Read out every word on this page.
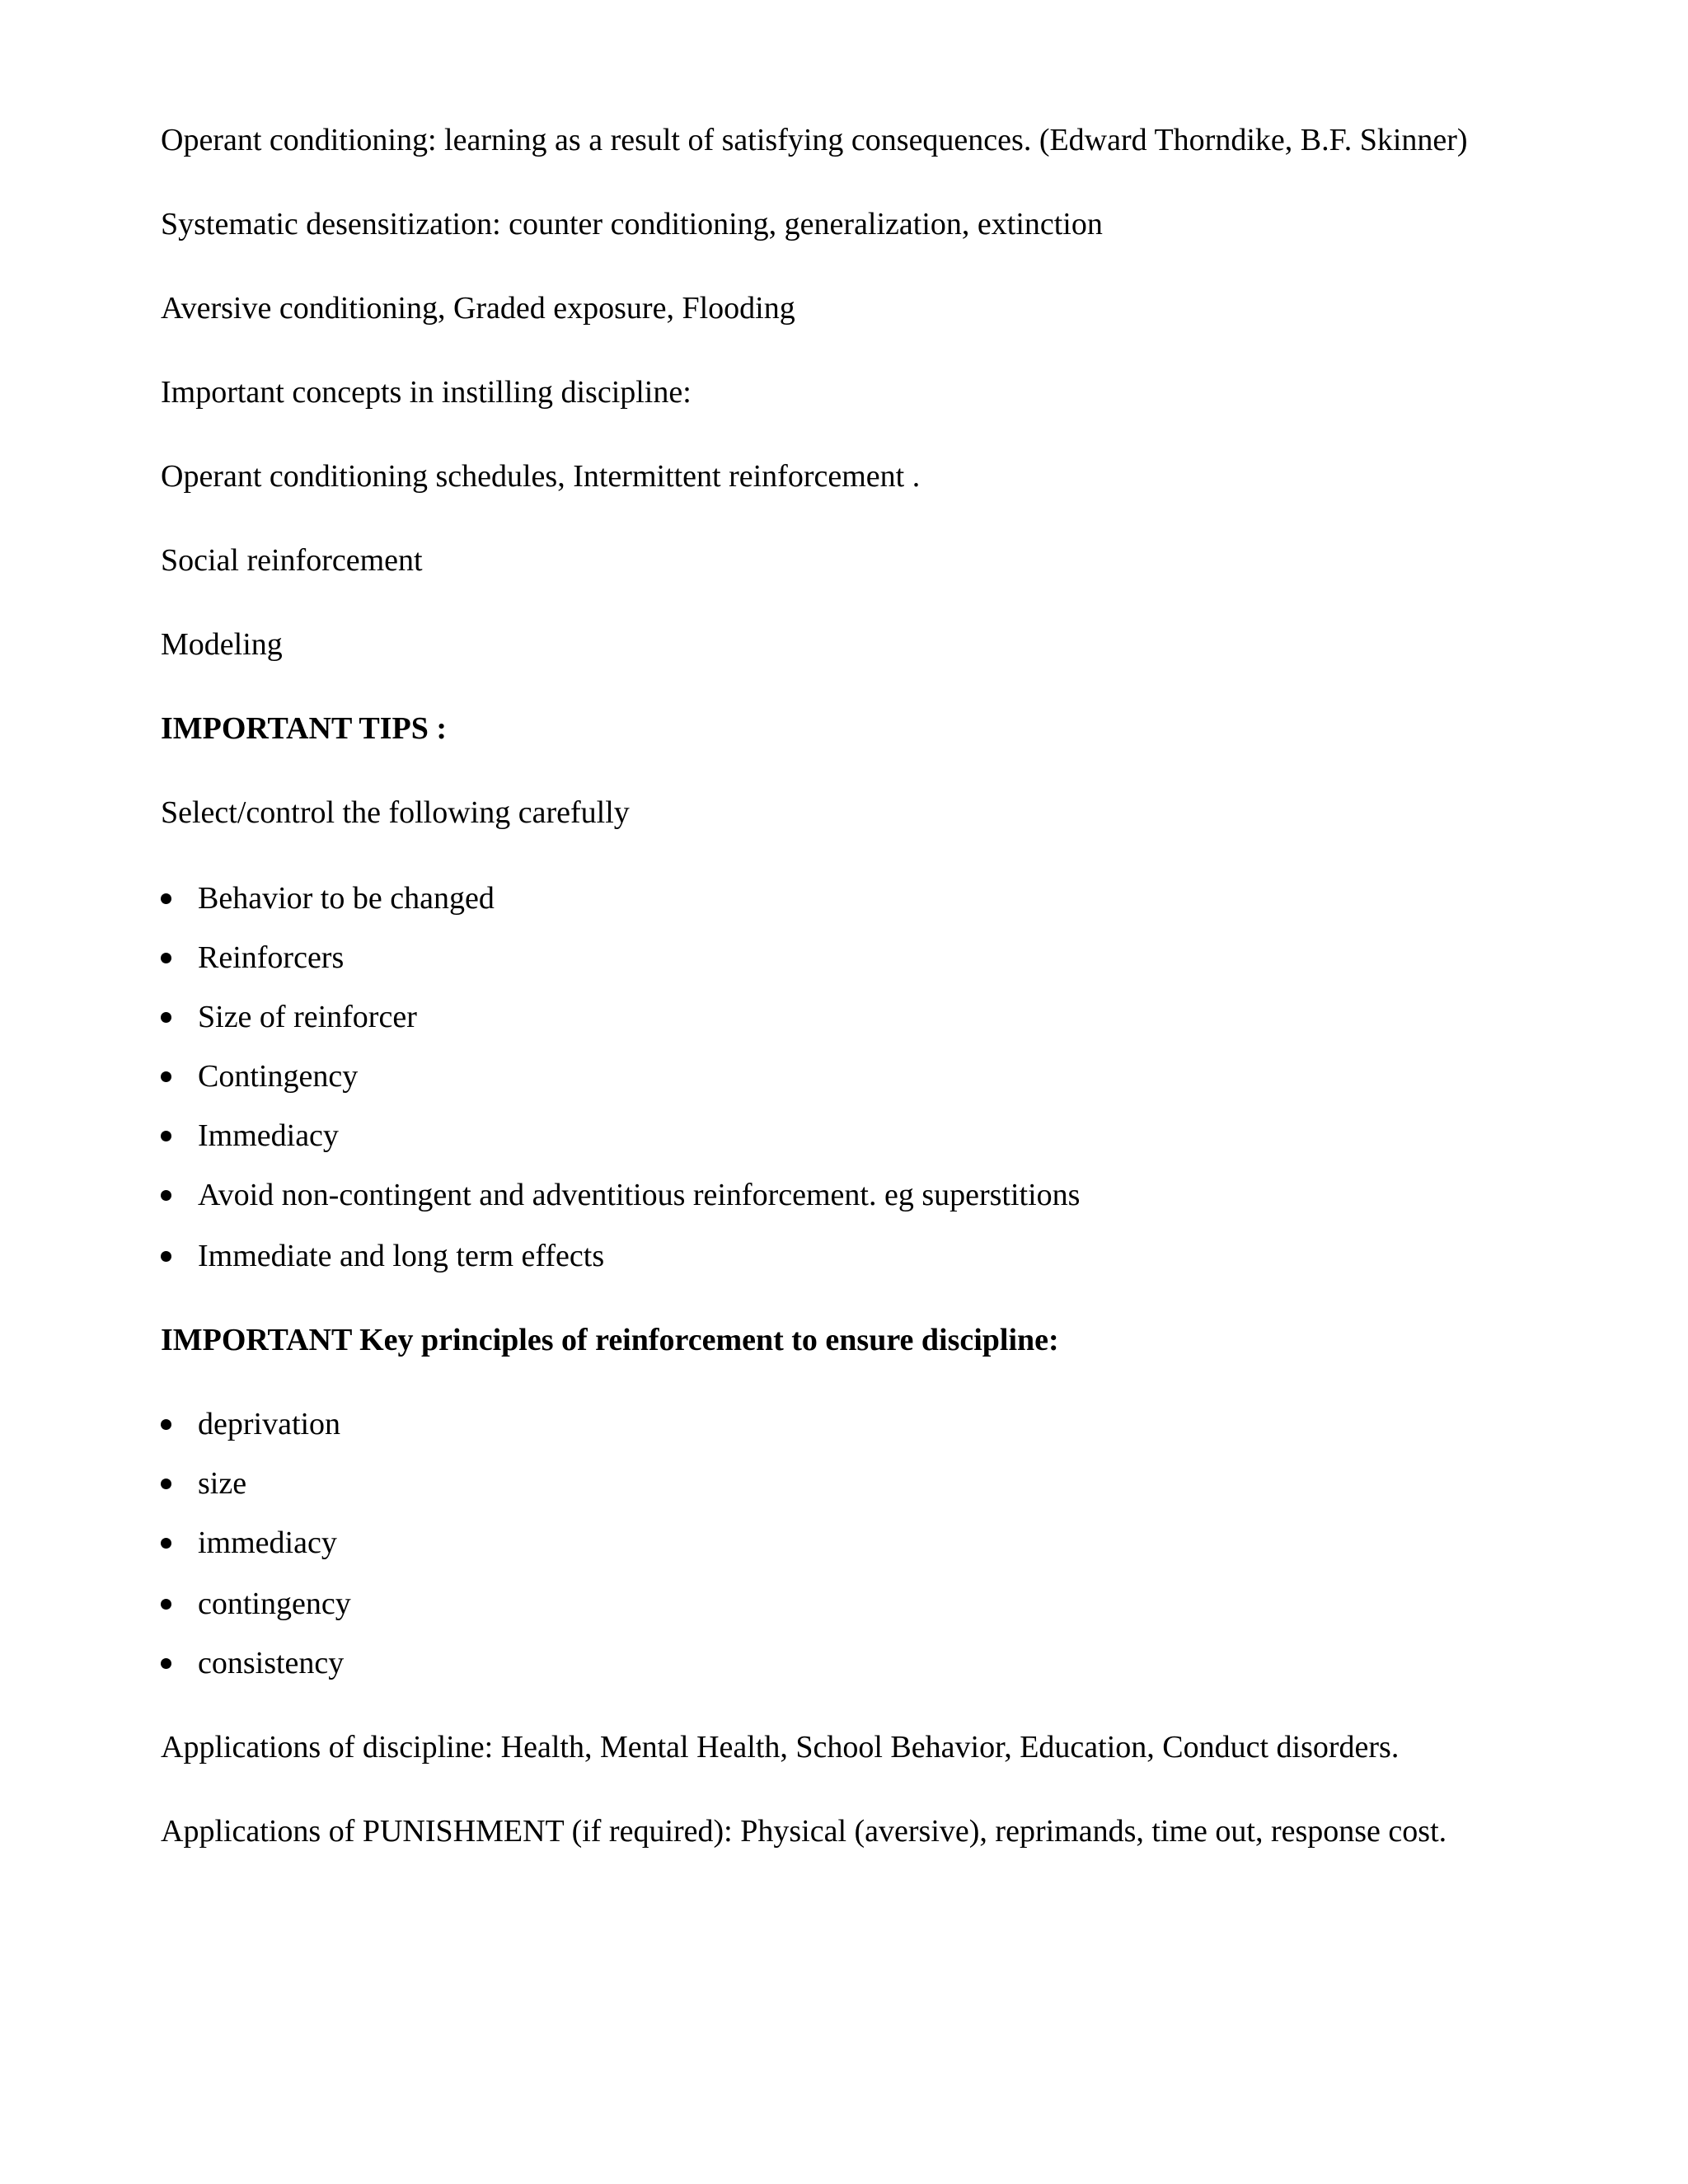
Operant conditioning: learning as a result of satisfying consequences. (Edward Thorndike, B.F. Skinner)

Systematic desensitization: counter conditioning, generalization, extinction

Aversive conditioning, Graded exposure, Flooding

Important concepts in instilling discipline:

Operant conditioning schedules, Intermittent reinforcement .

Social reinforcement

Modeling

IMPORTANT TIPS :

Select/control the following carefully

Behavior to be changed
Reinforcers
Size of reinforcer
Contingency
Immediacy
Avoid non-contingent and adventitious reinforcement. eg superstitions
Immediate and long term effects

IMPORTANT Key principles of reinforcement to ensure discipline:

deprivation
size
immediacy
contingency
consistency

Applications of discipline: Health, Mental Health, School Behavior, Education, Conduct disorders.

Applications of PUNISHMENT (if required): Physical (aversive), reprimands, time out, response cost.
